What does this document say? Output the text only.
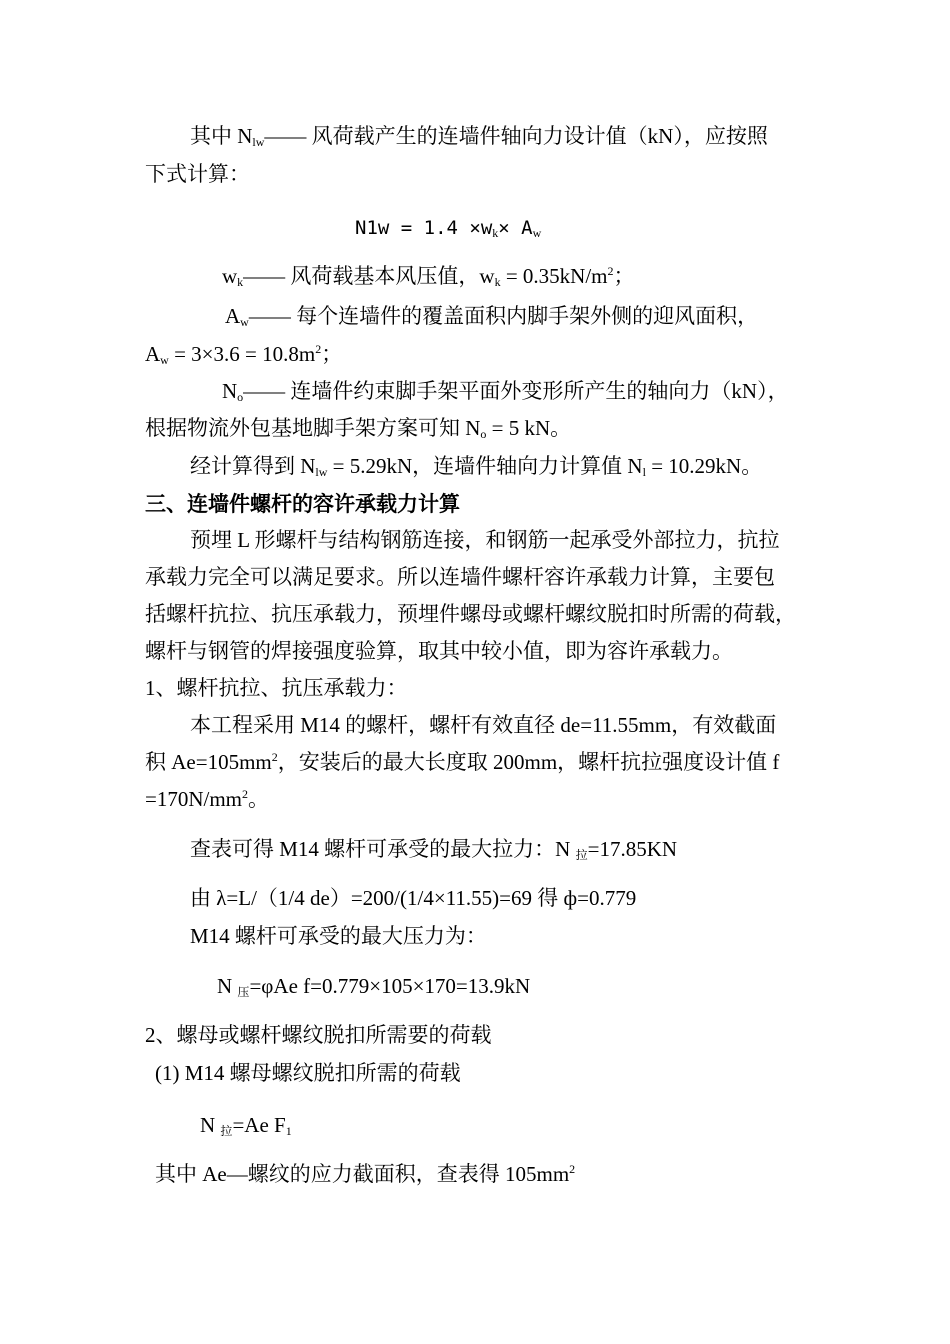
其中 $N_{lw}——$ 风荷载产生的连墙件轴向力设计值（kN），应按照
下式计算：
$N1w = 1.4 \times w_k\times A_w$
$w_k——$ 风荷载基本风压值，$w_k = 0.35kN/m^2$；
$A_w——$ 每个连墙件的覆盖面积内脚手架外侧的迎风面积，
$A_w = 3\times 3.6 = 10.8m^2$；
$N_o——$ 连墙件约束脚手架平面外变形所产生的轴向力（kN），
根据物流外包基地脚手架方案可知 $N_o = 5$ kN。
经计算得到 $N_{lw} = 5.29kN$，连墙件轴向力计算值 $N_l = 10.29kN$。
三、连墙件螺杆的容许承载力计算
预埋 L 形螺杆与结构钢筋连接，和钢筋一起承受外部拉力，抗拉
承载力完全可以满足要求。所以连墙件螺杆容许承载力计算，主要包
括螺杆抗拉、抗压承载力，预埋件螺母或螺杆螺纹脱扣时所需的荷载，
螺杆与钢管的焊接强度验算，取其中较小值，即为容许承载力。
1、螺杆抗拉、抗压承载力：
本工程采用 M14 的螺杆，螺杆有效直径 de=11.55mm，有效截面
积 $Ae=105mm^2$，安装后的最大长度取 200mm，螺杆抗拉强度设计值 f
$=170N/mm^2$。
查表可得 M14 螺杆可承受的最大拉力：N $_拉$=17.85KN
由 λ=L/（1/4 de）=200/(1/4×11.55)=69 得 ф=0.779
M14 螺杆可承受的最大压力为：
N $_压$=φAe f=0.779×105×170=13.9kN
2、螺母或螺杆螺纹脱扣所需要的荷载
(1) M14 螺母螺纹脱扣所需的荷载
N $_拉$=Ae $F_1$
其中 Ae—螺纹的应力截面积，查表得 $105mm^2$
